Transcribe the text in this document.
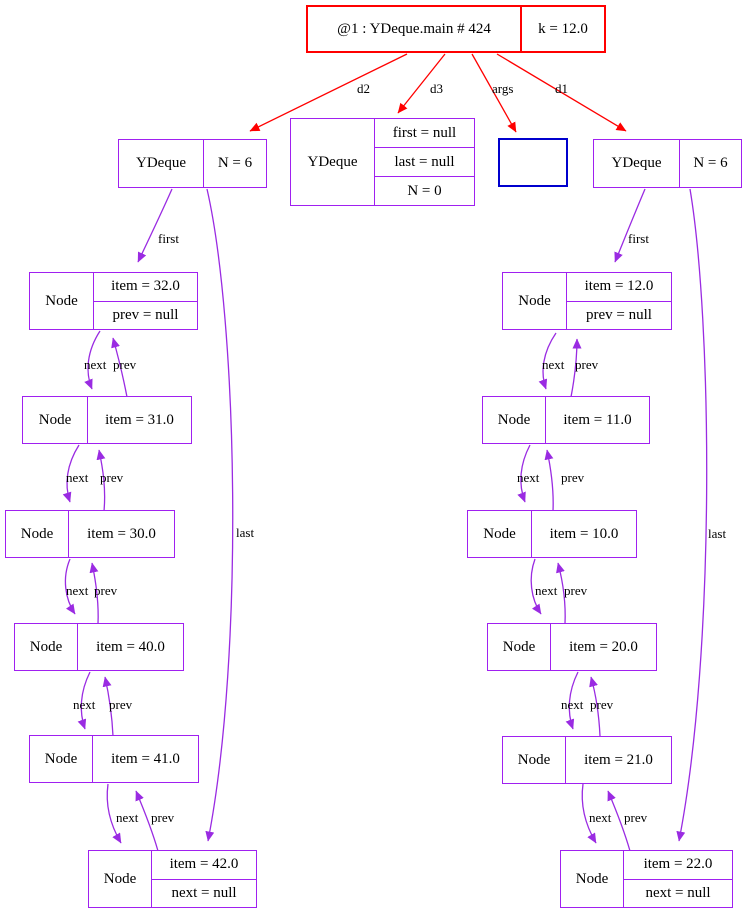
@1 : YDeque.main # 424	k = 12.0
YDeque	N = 6	YDeque
first = null
last = null
N = 0
YDeque	N = 6
Node
item = 32.0
prev = null
Node	item = 31.0
Node	item = 30.0
Node	item = 40.0
Node	item = 41.0
Node
item = 42.0
next = null
Node
item = 12.0
prev = null
Node	item = 11.0
Node	item = 10.0
Node	item = 20.0
Node	item = 21.0
Node
item = 22.0
next = null
d2	d3	args	d1
first
last
next prev
next prev
next prev
next prev
next prev
first
last
next prev
next prev
next prev
next prev
next prev
